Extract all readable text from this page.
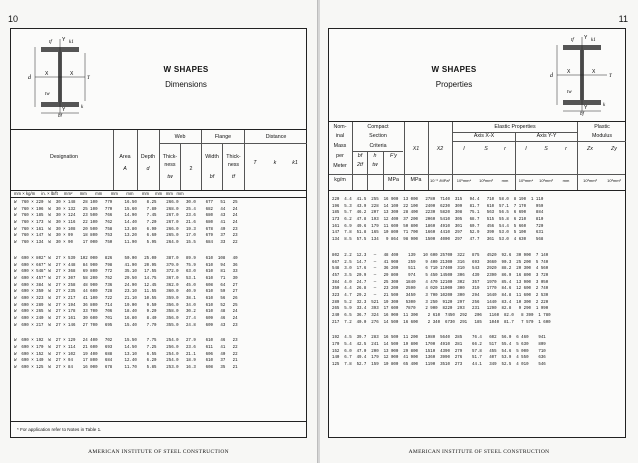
10
tf Y k1
d
X	X
T
tw
k
Y
bf
W SHAPES
Dimensions
Designation	Area
A
Depth
d
Web
Thick-
ness
tw
2
Flange
Width
bf
Thick-
ness
tf
Distance
T	k	k1
mm × kg/m     in. × lb/ft     mm²      mm       mm       mm       mm       mm     mm   mm   mm
W  760 × 220  W  30 × 148   28 100   779     16.50    8.25    266.0   30.0    677   51   25
W  760 × 196  W  30 × 132   25 100   770     15.60    7.80    268.0   25.4    682   44   24
W  760 × 185  W  30 × 124   23 500   766     14.90    7.45    267.0   23.6    680   43   24
W  760 × 173  W  30 × 116   22 100   762     14.40    7.20    267.0   21.6    680   41   24
W  760 × 161  W  30 × 108   20 500   758     13.80    6.90    266.0   19.3    678   40   23
W  760 × 147  W  30 × 99    18 800   753     13.20    6.60    265.0   17.0    679   37   23
W  760 × 134  W  30 × 90    17 000   750     11.90    5.95    264.0   15.5    684   33   22
W  690 × 802* W  27 × 539  102 000   826     50.00   25.00    387.0   89.9    610  108   40
W  690 × 667* W  27 × 448   84 900   798     41.90   20.95    379.0   75.9    610   94   36
W  690 × 548* W  27 × 368   69 800   772     35.10   17.55    372.0   63.0    610   81   33
W  690 × 457* W  27 × 307   58 200   752     29.50   14.75    367.0   53.1    610   71   30
W  690 × 384  W  27 × 258   48 900   736     24.90   12.45    362.0   45.0    608   64   27
W  690 × 350  W  27 × 235   44 600   728     23.10   11.55    360.0   40.9    610   59   27
W  690 × 323  W  27 × 217   41 100   722     21.10   10.55    359.0   38.1    610   56   26
W  690 × 289  W  27 × 194   36 800   714     19.00    9.50    356.0   34.0    610   52   25
W  690 × 265  W  27 × 178   33 700   706     18.40    9.20    358.0   30.2    610   48   24
W  690 × 240  W  27 × 161   30 600   701     16.80    8.40    356.0   27.4    609   46   24
W  690 × 217  W  27 × 146   27 700   695     15.40    7.70    355.0   24.8    609   43   23
W  690 × 192  W  27 × 129   24 400   702     15.50    7.75    254.0   27.9    610   46   23
W  690 × 170  W  27 × 114   21 600   693     14.50    7.25    256.0   23.6    611   41   22
W  690 × 152  W  27 × 102   19 400   688     13.10    6.55    254.0   21.1    606   40   22
W  690 × 140  W  27 × 94    17 800   684     12.40    6.20    254.0   18.9    610   37   21
W  690 × 125  W  27 × 84    16 000   678     11.70    5.85    253.0   16.3    608   35   21
* For application refer to Notes in Table 1.
AMERICAN INSTITUTE OF STEEL CONSTRUCTION
11
W SHAPES
Properties
tf Y k1
d
X	X
T
tw
k
Y
bf
Nom-
inal
Mass
per
Meter
kg/m
Compact
Section
Criteria
bf
2tf
h
tw
F'y
MPa
X1
MPa
X2
10⁻⁶ /MPa²
Elastic Properties
Axis X-X	Axis Y-Y
I	S	r	I	S	r
Plastic
Modulus
Zx	Zy
10⁶mm⁴	10³mm³	mm	10⁶mm⁴	10³mm³	mm	10³mm³	10³mm³
220  4.4  41.5  255  16 900  13 000   2780  7140  315   94.4   710  58.0  8 190  1 110
196  5.3  43.9  228  14 100  22 100   2400  6230  309   81.7   610  57.1  7 170    959
185  5.7  46.2  207  13 300  28 400   2230  5820  308   75.1   563  56.5  6 690    884
173  6.2  47.8  193  12 400  37 200   2060  5410  305   68.7   515  55.8  6 210    810
161  6.9  49.6  179  11 600  50 800   1860  4910  301   60.7   456  54.4  5 660    720
147  7.8  51.8  165  10 800  71 700   1660  4410  297   52.9   399  53.0  5 100    631
134  8.5  57.5  134   9 864  98 900   1500  4000  297   47.7   361  53.0  4 630    568
802  2.2  12.3   —   48 400    139   10 600 25700  322   875   4520  92.6  30 900  7 140
667  2.5  14.7   —   41 900    259    9 400 21300  316   693   3660  90.3  25 200  5 740
548  3.0  17.6   —   36 200    511    6 710 17400  310   543   2920  88.2  20 300  4 560
457  3.5  20.9   —   29 800    974    5 450 14500  306   439   2390  86.9  16 800  3 720
384  4.0  24.7   —   25 300   1840    4 470 12100  302   357   1970  85.4  13 900  3 050
350  4.4  26.8   —   23 200   2590    4 020 11000  300   319   1770  84.6  12 600  2 740
323  4.7  29.2   —   21 500   3450    3 700 10200  300   294   1640  84.8  11 600  2 530
289  5.2  32.3  521  19 300   5300    3 250  9120  297   256   1440  83.4  10 300  2 220
265  5.9  33.4  393  17 600   7870    2 900  8220  293   231   1290  82.8   9 290  1 990
240  6.5  36.7  324  16 000  11 300    2 610  7450  292   206   1160  82.0   8 390  1 780
217  7.2  40.0  276  14 500  16 600    2 340  6730  291   185   1040  81.7   7 570  1 600
192  4.5  39.7  283  16 500  11 200   1980  5640  285    76.4   602  56.0  6 460    941
170  5.4  42.5  241  14 500  19 800   1700  4910  281    66.2   517  55.4  5 630    809
152  6.0  47.0  200  13 000  29 800   1510  4390  279    57.8   455  54.6  5 000    710
140  6.7  49.4  179  12 000  41 900   1360  3990  276    51.7   407  53.9  4 550    636
125  7.8  52.7  159  10 800  65 400   1190  3510  273    44.1   349  52.5  4 010    546
AMERICAN INSTITUTE OF STEEL CONSTRUCTION
